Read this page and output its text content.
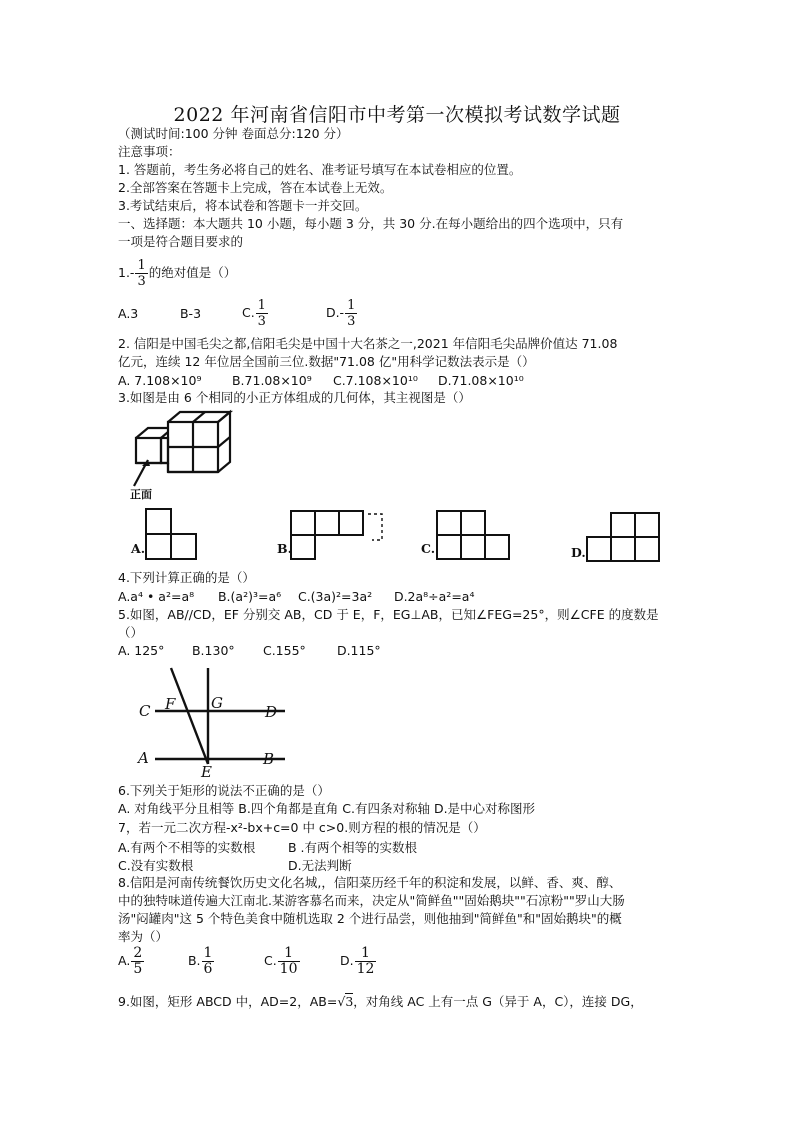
2022 年河南省信阳市中考第一次模拟考试数学试题
（测试时间:100 分钟 卷面总分:120 分）
注意事项：
1. 答题前，考生务必将自己的姓名、准考证号填写在本试卷相应的位置。
2.全部答案在答题卡上完成，答在本试卷上无效。
3.考试结束后，将本试卷和答题卡一并交回。
一、选择题：本大题共 10 小题，每小题 3 分，共 30 分.在每小题给出的四个选项中，只有
一项是符合题目要求的
$1.- \frac{1}{3}$ 的绝对值是（）
A.3	B-3	C. $\frac{1}{3}$	$D.- \frac{1}{3}$
2. 信阳是中国毛尖之都,信阳毛尖是中国十大名茶之一,2021 年信阳毛尖品牌价值达 71.08
亿元，连续 12 年位居全国前三位.数据"71.08 亿"用科学记数法表示是（）
A. 7.108×10⁹ B.71.08×10⁹ C.7.108×10¹⁰ D.71.08×10¹⁰
3.如图是由 6 个相同的小正方体组成的几何体，其主视图是（）
正面
A.	B.	C.	D.
4.下列计算正确的是（）
A.a⁴ • a²=a⁸ B.(a²)³=a⁶ C.(3a)²=3a² D.2a⁸÷a²=a⁴
5.如图，AB//CD，EF 分别交 AB，CD 于 E，F，EG⊥AB，已知∠FEG=25°，则∠CFE 的度数是
（）
A. 125° B.130° C.155° D.115°
C F G	D
A
E
B
6.下列关于矩形的说法不正确的是（）
A. 对角线平分且相等 B.四个角都是直角 C.有四条对称轴 D.是中心对称图形
7，若一元二次方程-x²-bx+c=0 中 c>0.则方程的根的情况是（）
A.有两个不相等的实数根	B .有两个相等的实数根
C.没有实数根	D.无法判断
8.信阳是河南传统餐饮历史文化名城,，信阳菜历经千年的积淀和发展，以鲜、香、爽、醇、
中的独特味道传遍大江南北.某游客慕名而来，决定从"简鲜鱼""固始鹅块""石凉粉""罗山大肠
汤"闷罐肉"这 5 个特色美食中随机选取 2 个进行品尝，则他抽到"简鲜鱼"和"固始鹅块"的概
率为（）
A. $\frac{2}{5}$	B. $\frac{1}{6}$	C. $\frac{1}{10}$	D. $\frac{1}{12}$
9.如图，矩形 ABCD 中，AD=2，AB=√3，对角线 AC 上有一点 G（异于 A，C），连接 DG，
